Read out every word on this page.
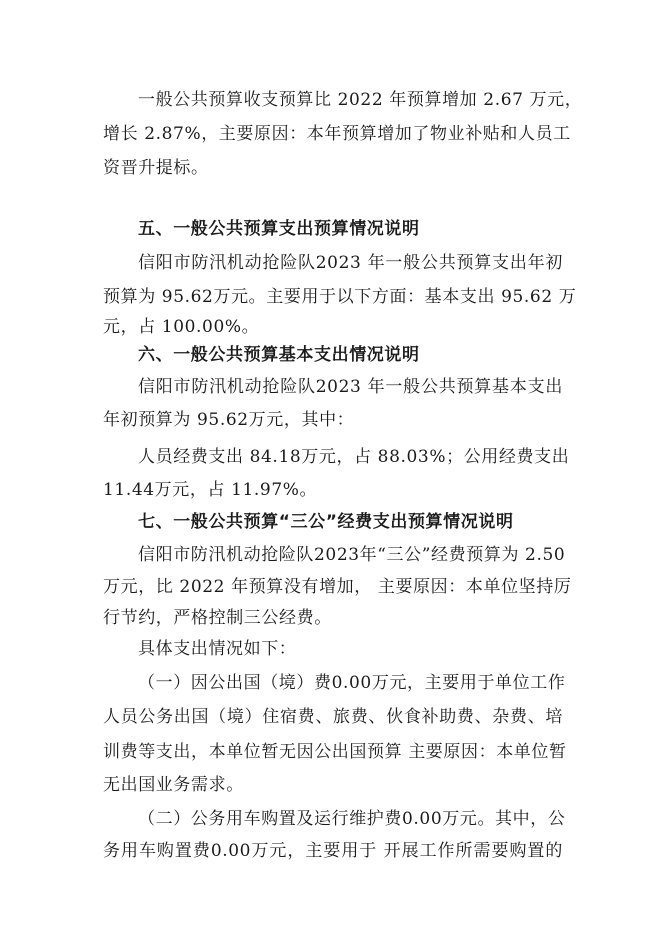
一般公共预算收支预算比 2022 年预算增加 2.67 万元，
增长 2.87%，主要原因：本年预算增加了物业补贴和人员工
资晋升提标。
五、一般公共预算支出预算情况说明
信阳市防汛机动抢险队2023 年一般公共预算支出年初
预算为 95.62万元。主要用于以下方面：基本支出 95.62 万
元，占 100.00%。
六、一般公共预算基本支出情况说明
信阳市防汛机动抢险队2023 年一般公共预算基本支出
年初预算为 95.62万元，其中：
人员经费支出 84.18万元，占 88.03%；公用经费支出
11.44万元，占 11.97%。
七、一般公共预算“三公”经费支出预算情况说明
信阳市防汛机动抢险队2023年“三公”经费预算为 2.50
万元，比 2022 年预算没有增加， 主要原因：本单位坚持厉
行节约，严格控制三公经费。
具体支出情况如下：
（一）因公出国（境）费0.00万元，主要用于单位工作
人员公务出国（境）住宿费、旅费、伙食补助费、杂费、培
训费等支出，本单位暂无因公出国预算 主要原因：本单位暂
无出国业务需求。
（二）公务用车购置及运行维护费0.00万元。其中，公
务用车购置费0.00万元，主要用于 开展工作所需要购置的
